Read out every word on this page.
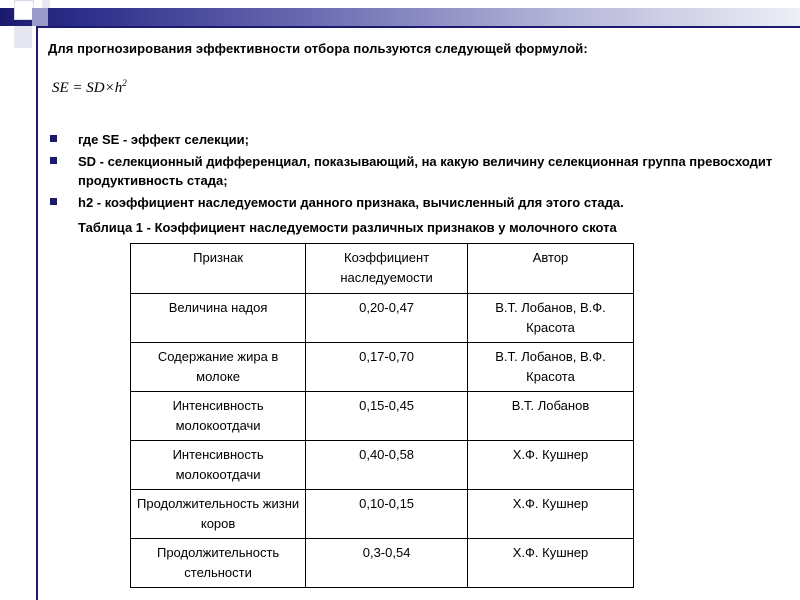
Для прогнозирования эффективности отбора пользуются следующей формулой:
SE = $SD\times h^2$
где SE - эффект селекции;
SD - селекционный дифференциал, показывающий, на какую величину селекционная группа превосходит продуктивность стада;
h2 - коэффициент наследуемости данного признака, вычисленный для этого стада.
Таблица 1 - Коэффициент наследуемости различных признаков у молочного скота
Признак	Коэффициент наследуемости	Автор
Величина надоя	0,20-0,47	В.Т. Лобанов, В.Ф. Красота
Содержание жира в молоке	0,17-0,70	В.Т. Лобанов, В.Ф. Красота
Интенсивность молокоотдачи	0,15-0,45	В.Т. Лобанов
Интенсивность молокоотдачи	0,40-0,58	Х.Ф. Кушнер
Продолжительность жизни коров	0,10-0,15	Х.Ф. Кушнер
Продолжительность стельности	0,3-0,54	Х.Ф. Кушнер
